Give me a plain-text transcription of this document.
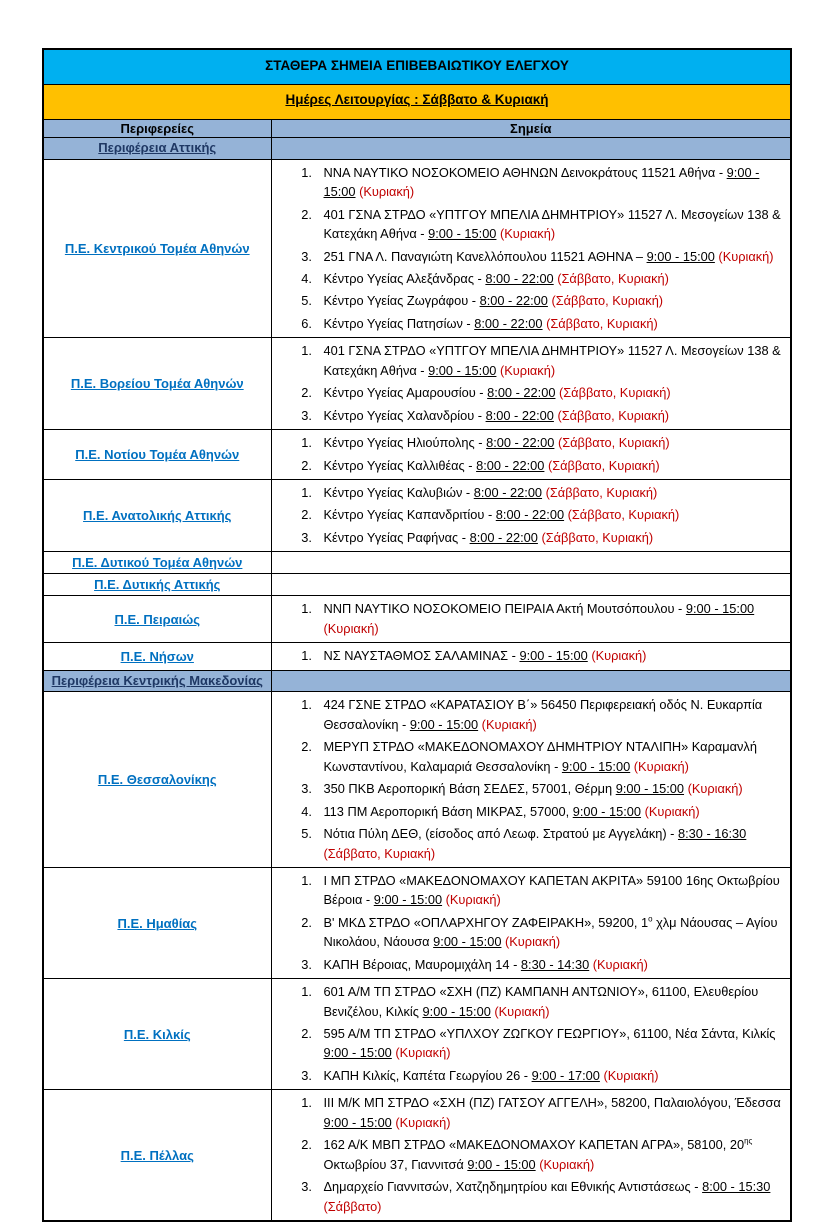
ΣΤΑΘΕΡΑ ΣΗΜΕΙΑ ΕΠΙΒΕΒΑΙΩΤΙΚΟΥ ΕΛΕΓΧΟΥ	
Ημέρες Λειτουργίας : Σάββατο & Κυριακή	
Περιφερείες	Σημεία
Περιφέρεια Αττικής	
Π.Ε. Κεντρικού Τομέα Αθηνών	
1. ΝΝΑ ΝΑΥΤΙΚΟ ΝΟΣΟΚΟΜΕΙΟ ΑΘΗΝΩΝ Δεινοκράτους 11521 Αθήνα - 9:00 - 15:00 (Κυριακή)
2. 401 ΓΣΝΑ ΣΤΡΔΟ «ΥΠΤΓΟΥ ΜΠΕΛΙΑ ΔΗΜΗΤΡΙΟΥ» 11527 Λ. Μεσογείων 138 & Κατεχάκη Αθήνα - 9:00 - 15:00 (Κυριακή)
3. 251 ΓΝΑ Λ. Παναγιώτη Κανελλόπουλου 11521 ΑΘΗΝΑ – 9:00 - 15:00 (Κυριακή)
4. Κέντρο Υγείας Αλεξάνδρας - 8:00 - 22:00 (Σάββατο, Κυριακή)
5. Κέντρο Υγείας Ζωγράφου - 8:00 - 22:00 (Σάββατο, Κυριακή)
6. Κέντρο Υγείας Πατησίων - 8:00 - 22:00 (Σάββατο, Κυριακή)

Π.Ε. Βορείου Τομέα Αθηνών	
1. 401 ΓΣΝΑ ΣΤΡΔΟ «ΥΠΤΓΟΥ ΜΠΕΛΙΑ ΔΗΜΗΤΡΙΟΥ» 11527 Λ. Μεσογείων 138 & Κατεχάκη Αθήνα - 9:00 - 15:00 (Κυριακή)
2. Κέντρο Υγείας Αμαρουσίου - 8:00 - 22:00 (Σάββατο, Κυριακή)
3. Κέντρο Υγείας Χαλανδρίου - 8:00 - 22:00 (Σάββατο, Κυριακή)

Π.Ε. Νοτίου Τομέα Αθηνών	
1. Κέντρο Υγείας Ηλιούπολης - 8:00 - 22:00 (Σάββατο, Κυριακή)
2. Κέντρο Υγείας Καλλιθέας - 8:00 - 22:00 (Σάββατο, Κυριακή)

Π.Ε. Ανατολικής Αττικής	
1. Κέντρο Υγείας Καλυβιών - 8:00 - 22:00 (Σάββατο, Κυριακή)
2. Κέντρο Υγείας Καπανδριτίου - 8:00 - 22:00 (Σάββατο, Κυριακή)
3. Κέντρο Υγείας Ραφήνας - 8:00 - 22:00 (Σάββατο, Κυριακή)

Π.Ε. Δυτικού Τομέα Αθηνών	
Π.Ε. Δυτικής Αττικής	
Π.Ε. Πειραιώς	
1. ΝΝΠ ΝΑΥΤΙΚΟ ΝΟΣΟΚΟΜΕΙΟ ΠΕΙΡΑΙΑ Ακτή Μουτσόπουλου - 9:00 - 15:00 (Κυριακή)

Π.Ε. Νήσων	
1.ΝΣ ΝΑΥΣΤΑΘΜΟΣ ΣΑΛΑΜΙΝΑΣ - 9:00 - 15:00 (Κυριακή)

Περιφέρεια Κεντρικής Μακεδονίας	
Π.Ε. Θεσσαλονίκης	
1. 424 ΓΣΝΕ ΣΤΡΔΟ «ΚΑΡΑΤΑΣΙΟΥ Β΄» 56450 Περιφερειακή οδός Ν. Ευκαρπία Θεσσαλονίκη - 9:00 - 15:00 (Κυριακή)
2. ΜΕΡΥΠ ΣΤΡΔΟ «ΜΑΚΕΔΟΝΟΜΑΧΟΥ ΔΗΜΗΤΡΙΟΥ ΝΤΑΛΙΠΗ» Καραμανλή Κωνσταντίνου, Καλαμαριά Θεσσαλονίκη - 9:00 - 15:00 (Κυριακή)
3. 350 ΠΚΒ Αεροπορική Βάση ΣΕΔΕΣ, 57001, Θέρμη 9:00 - 15:00 (Κυριακή)
4. 113 ΠΜ Αεροπορική Βάση ΜΙΚΡΑΣ, 57000, 9:00 - 15:00 (Κυριακή)
5. Νότια Πύλη ΔΕΘ, (είσοδος από Λεωφ. Στρατού με Αγγελάκη) - 8:30 - 16:30 (Σάββατο, Κυριακή)

Π.Ε. Ημαθίας	
1. Ι ΜΠ ΣΤΡΔΟ «ΜΑΚΕΔΟΝΟΜΑΧΟΥ ΚΑΠΕΤΑΝ ΑΚΡΙΤΑ» 59100 16ης Οκτωβρίου Βέροια - 9:00 - 15:00 (Κυριακή)
2. Β' ΜΚΔ ΣΤΡΔΟ «ΟΠΛΑΡΧΗΓΟΥ ΖΑΦΕΙΡΑΚΗ», 59200, $1^o$ χλμ Νάουσας – Αγίου Νικολάου, Νάουσα 9:00 - 15:00 (Κυριακή)
3. ΚΑΠΗ Βέροιας, Μαυρομιχάλη 14 - 8:30 - 14:30 (Κυριακή)

Π.Ε. Κιλκίς	
1. 601 Α/Μ ΤΠ ΣΤΡΔΟ «ΣΧΗ (ΠΖ) ΚΑΜΠΑΝΗ ΑΝΤΩΝΙΟΥ», 61100, Ελευθερίου Βενιζέλου, Κιλκίς 9:00 - 15:00 (Κυριακή)
2. 595 Α/Μ ΤΠ ΣΤΡΔΟ «ΥΠΛΧΟΥ ΖΩΓΚΟΥ ΓΕΩΡΓΙΟΥ», 61100, Νέα Σάντα, Κιλκίς 9:00 - 15:00 (Κυριακή)
3. ΚΑΠΗ Κιλκίς, Καπέτα Γεωργίου 26 - 9:00 - 17:00 (Κυριακή)

Π.Ε. Πέλλας	
1. ΙΙΙ Μ/Κ ΜΠ ΣΤΡΔΟ «ΣΧΗ (ΠΖ) ΓΑΤΣΟΥ ΑΓΓΕΛΗ», 58200, Παλαιολόγου, Έδεσσα 9:00 - 15:00 (Κυριακή)
2. 162 Α/Κ ΜΒΠ ΣΤΡΔΟ «ΜΑΚΕΔΟΝΟΜΑΧΟΥ ΚΑΠΕΤΑΝ ΑΓΡΑ», 58100, $20^{\eta\varsigma}$ Οκτωβρίου 37, Γιαννιτσά 9:00 - 15:00 (Κυριακή)
3. Δημαρχείο Γιαννιτσών, Χατζηδημητρίου και Εθνικής Αντιστάσεως - 8:00 - 15:30 (Σάββατο)
